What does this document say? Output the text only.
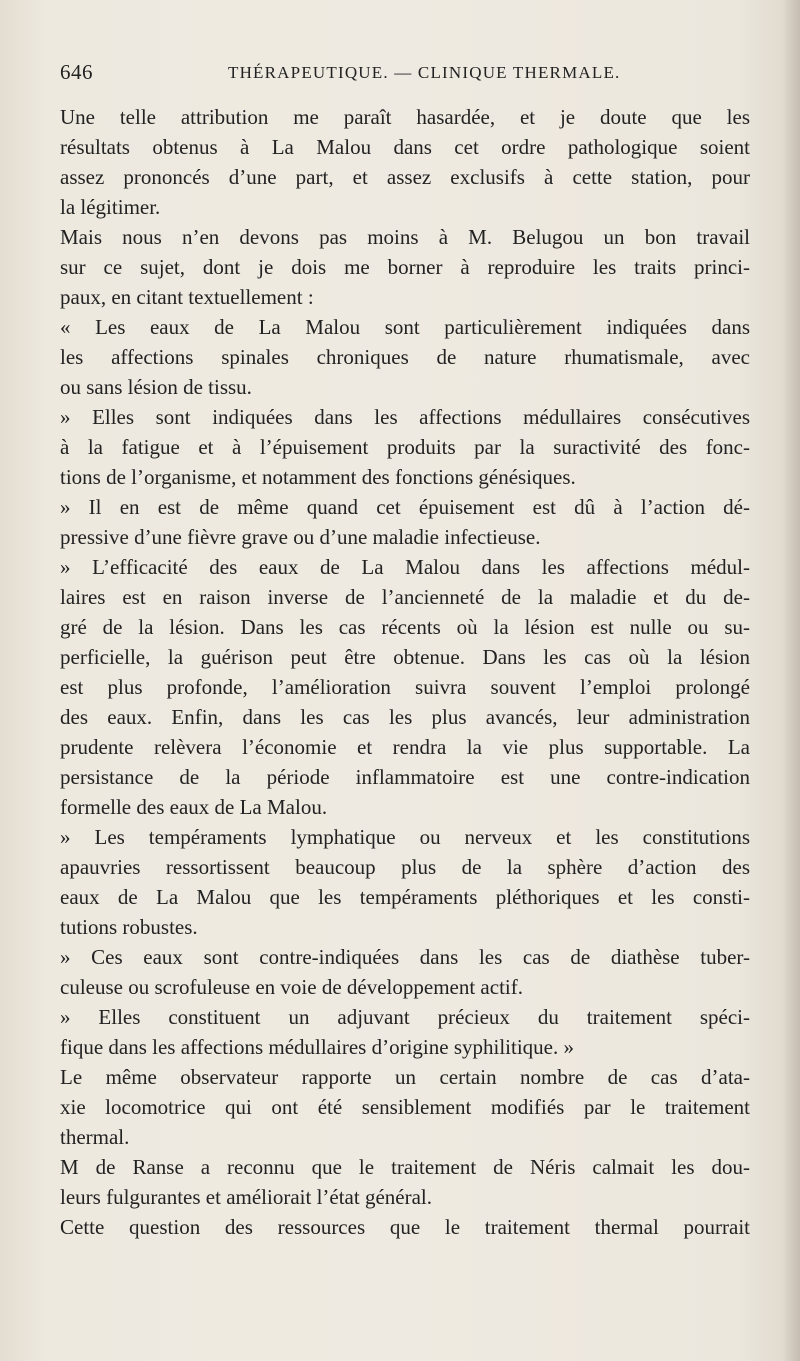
646	THÉRAPEUTIQUE. — CLINIQUE THERMALE.
Une telle attribution me paraît hasardée, et je doute que les
résultats obtenus à La Malou dans cet ordre pathologique soient
assez prononcés d’une part, et assez exclusifs à cette station, pour
la légitimer.
Mais nous n’en devons pas moins à M. Belugou un bon travail
sur ce sujet, dont je dois me borner à reproduire les traits princi-
paux, en citant textuellement :
« Les eaux de La Malou sont particulièrement indiquées dans
les affections spinales chroniques de nature rhumatismale, avec
ou sans lésion de tissu.
» Elles sont indiquées dans les affections médullaires consécutives
à la fatigue et à l’épuisement produits par la suractivité des fonc-
tions de l’organisme, et notamment des fonctions génésiques.
» Il en est de même quand cet épuisement est dû à l’action dé-
pressive d’une fièvre grave ou d’une maladie infectieuse.
» L’efficacité des eaux de La Malou dans les affections médul-
laires est en raison inverse de l’ancienneté de la maladie et du de-
gré de la lésion. Dans les cas récents où la lésion est nulle ou su-
perficielle, la guérison peut être obtenue. Dans les cas où la lésion
est plus profonde, l’amélioration suivra souvent l’emploi prolongé
des eaux. Enfin, dans les cas les plus avancés, leur administration
prudente relèvera l’économie et rendra la vie plus supportable. La
persistance de la période inflammatoire est une contre-indication
formelle des eaux de La Malou.
» Les tempéraments lymphatique ou nerveux et les constitutions
apauvries ressortissent beaucoup plus de la sphère d’action des
eaux de La Malou que les tempéraments pléthoriques et les consti-
tutions robustes.
» Ces eaux sont contre-indiquées dans les cas de diathèse tuber-
culeuse ou scrofuleuse en voie de développement actif.
» Elles constituent un adjuvant précieux du traitement spéci-
fique dans les affections médullaires d’origine syphilitique. »
Le même observateur rapporte un certain nombre de cas d’ata-
xie locomotrice qui ont été sensiblement modifiés par le traitement
thermal.
M de Ranse a reconnu que le traitement de Néris calmait les dou-
leurs fulgurantes et améliorait l’état général.
Cette question des ressources que le traitement thermal pourrait
